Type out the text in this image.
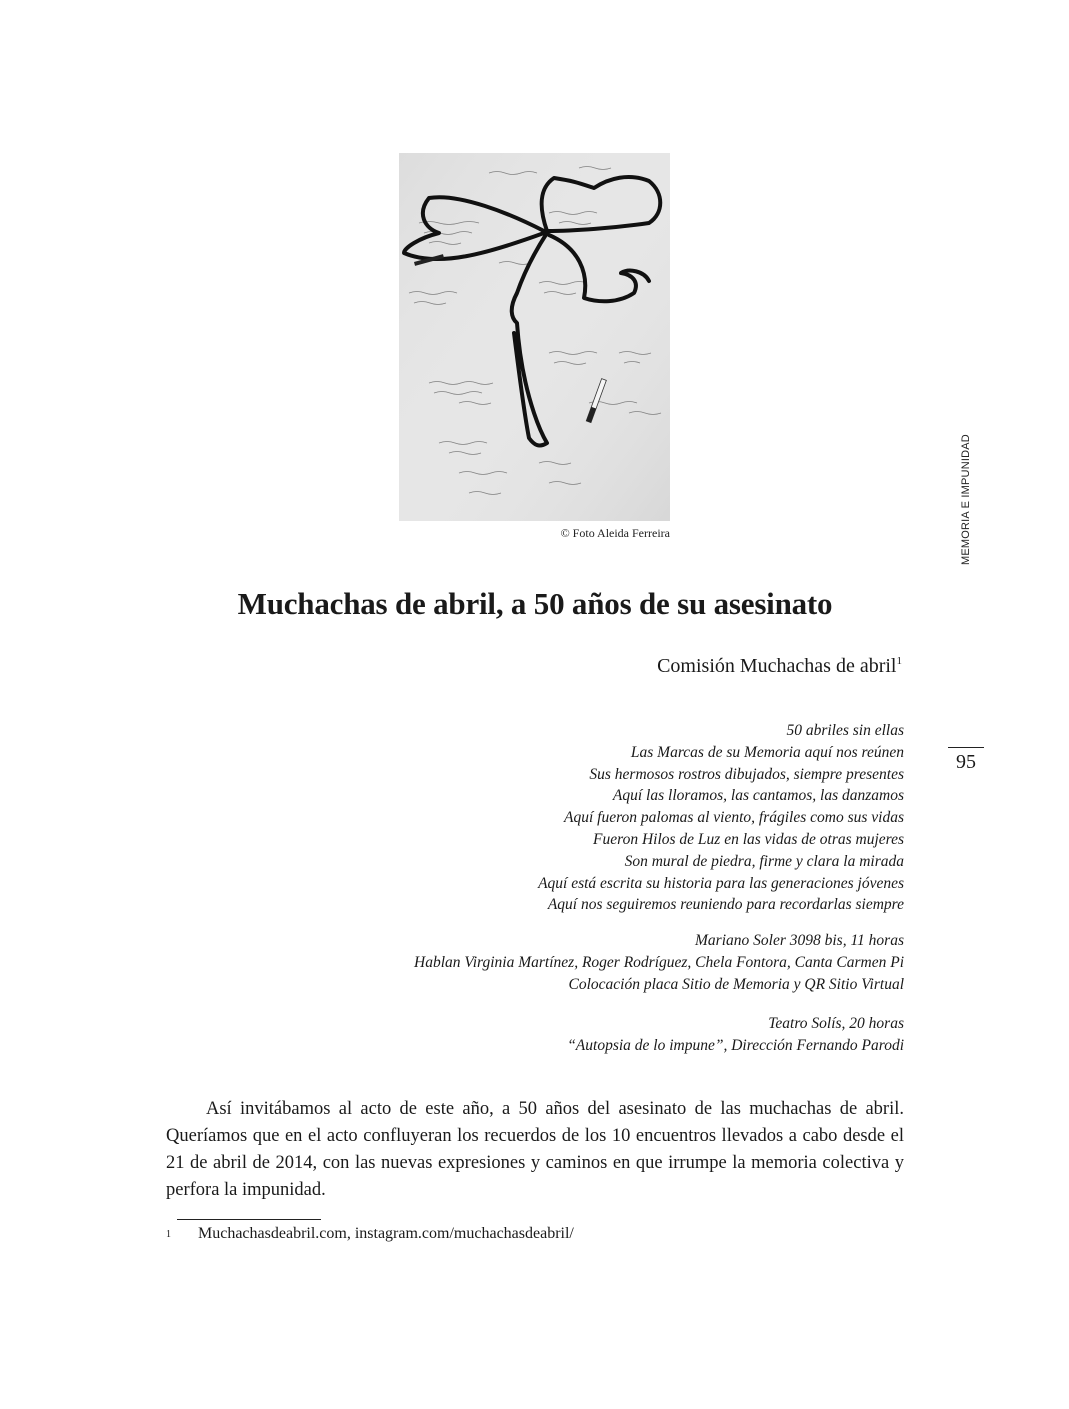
© Foto Aleida Ferreira	MEMORIA E IMPUNIDAD
Muchachas de abril, a 50 años de su asesinato
Comisión Muchachas de abril$^1$
95
50 abriles sin ellas
Las Marcas de su Memoria aquí nos reúnen
Sus hermosos rostros dibujados, siempre presentes
Aquí las lloramos, las cantamos, las danzamos
Aquí fueron palomas al viento, frágiles como sus vidas
Fueron Hilos de Luz en las vidas de otras mujeres
Son mural de piedra, firme y clara la mirada
Aquí está escrita su historia para las generaciones jóvenes
Aquí nos seguiremos reuniendo para recordarlas siempre
Mariano Soler 3098 bis, 11 horas
Hablan Virginia Martínez, Roger Rodríguez, Chela Fontora, Canta Carmen Pi
Colocación placa Sitio de Memoria y QR Sitio Virtual
Teatro Solís, 20 horas
“Autopsia de lo impune”, Dirección Fernando Parodi

Así invitábamos al acto de este año, a 50 años del asesinato de las muchachas de abril. Queríamos que en el acto confluyeran los recuerdos de los 10 encuentros llevados a cabo desde el 21 de abril de 2014, con las nuevas expresiones y caminos en que irrumpe la memoria colectiva y perfora la impunidad.

1 Muchachasdeabril.com, instagram.com/muchachasdeabril/
